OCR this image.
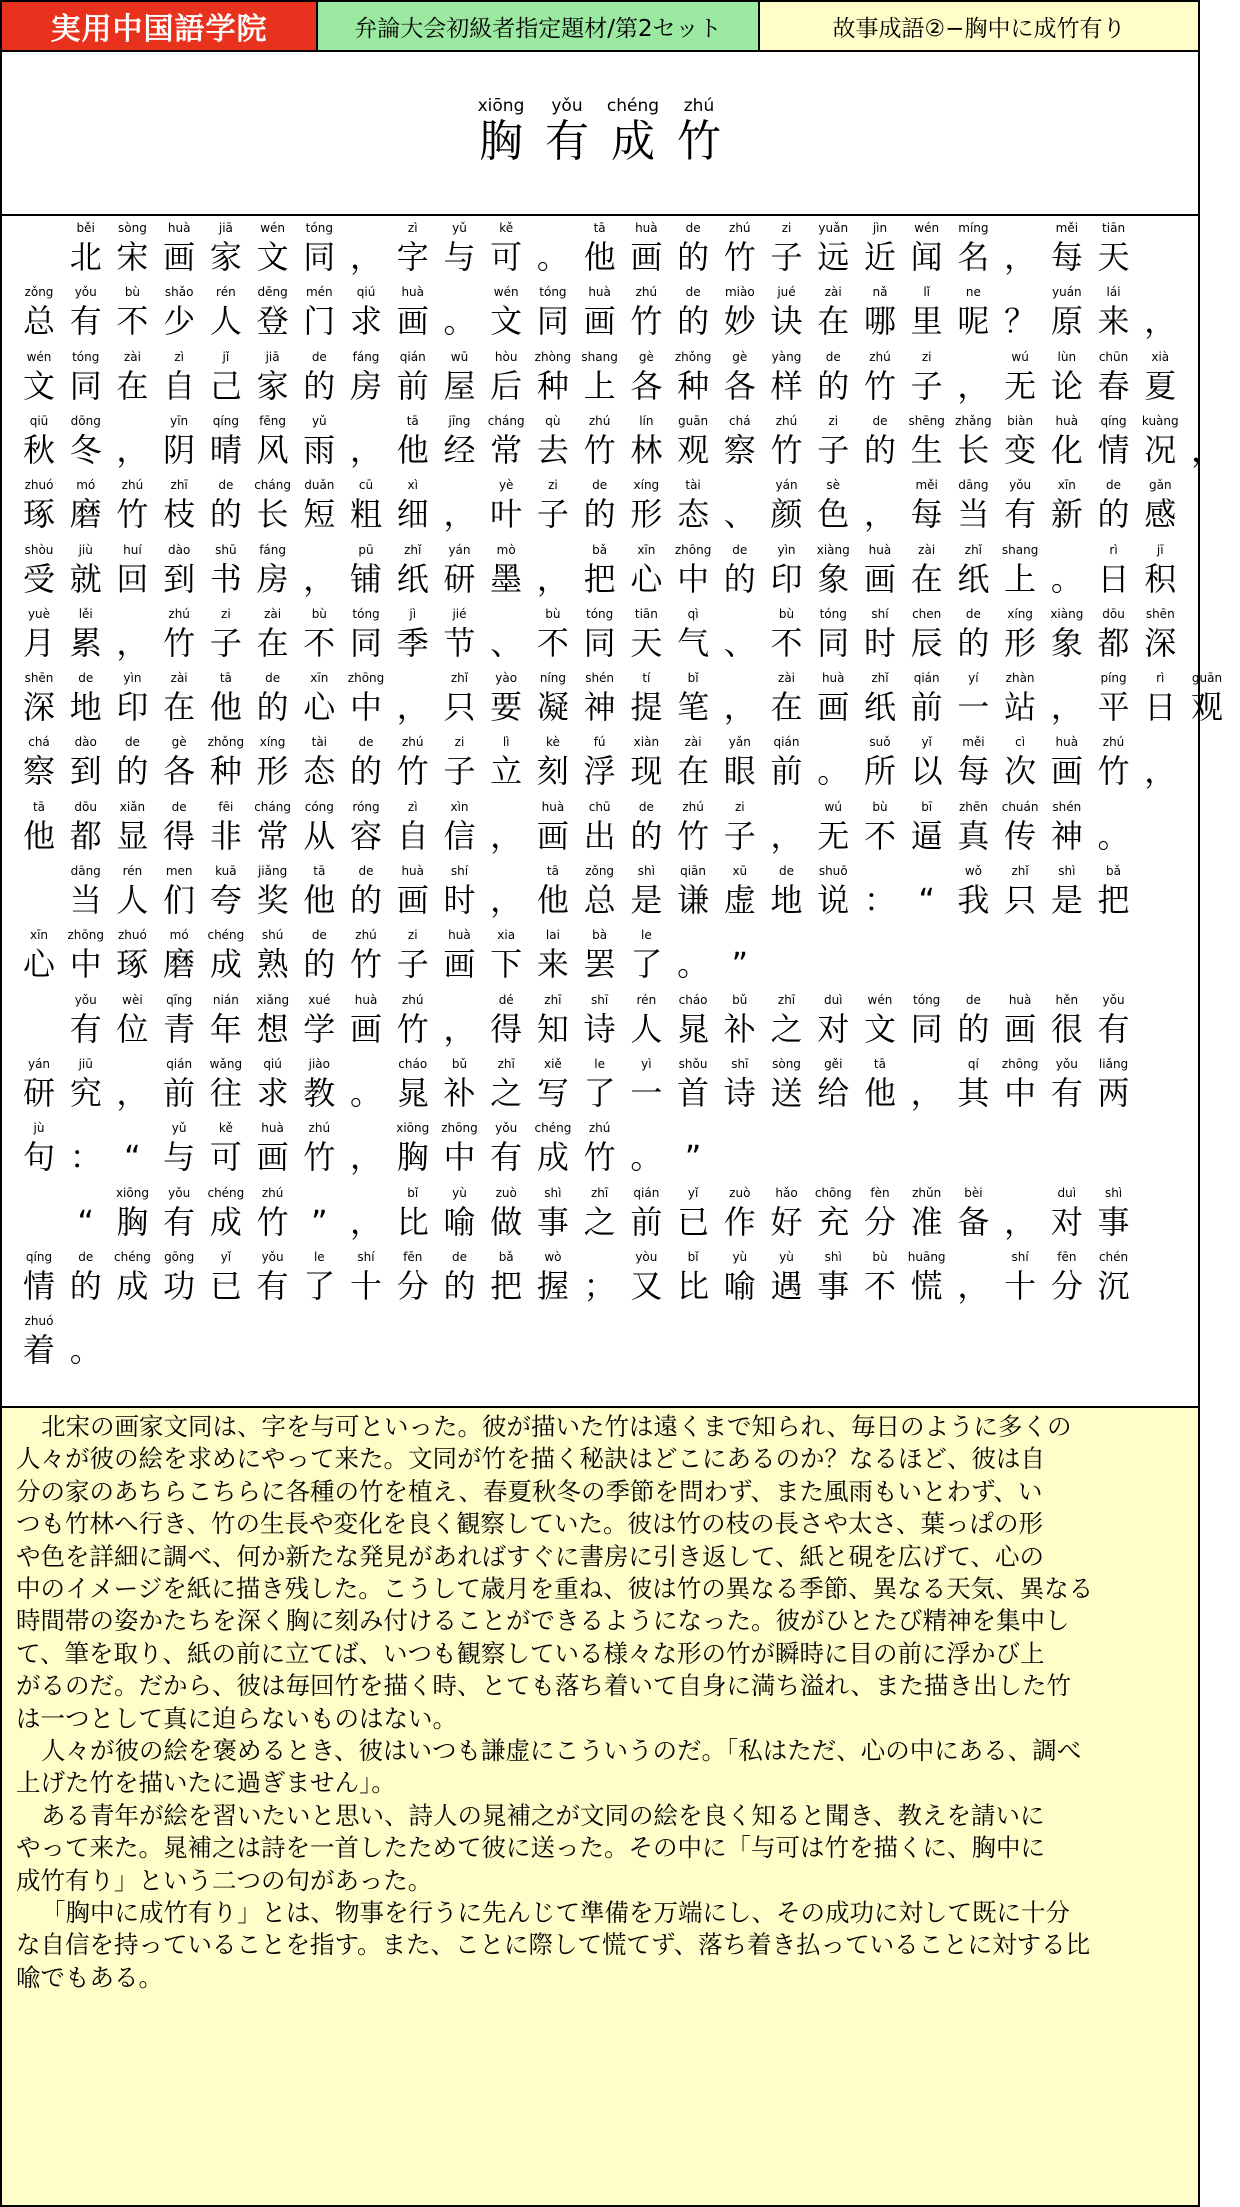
実用中国語学院	弁論大会初級者指定題材/第2セット	故事成語②−胸中に成竹有り
xiōng
胸
yǒu
有
chéng
成
zhú
竹
běi
北
sòng
宋
huà
画
jiā
家
wén
文
tóng
同 ，
zì
字
yǔ
与
kě
可 。
tā
他
huà
画
de
的
zhú
竹
zi
子
yuǎn
远
jìn
近
wén
闻
míng
名 ，
měi
每
tiān
天
zǒng
总
yǒu
有
bù
不
shǎo
少
rén
人
dēng
登
mén
门
qiú
求
huà
画 。
wén
文
tóng
同
huà
画
zhú
竹
de
的
miào
妙
jué
诀
zài
在
nǎ
哪
lǐ
里
ne
呢 ？
yuán
原
lái
来 ，
wén
文
tóng
同
zài
在
zì
自
jǐ
己
jiā
家
de
的
fáng
房
qián
前
wū
屋
hòu
后
zhòng
种
shang
上
gè
各
zhǒng
种
gè
各
yàng
样
de
的
zhú
竹
zi
子 ，
wú
无
lùn
论
chūn
春
xià
夏
qiū
秋
dōng
冬 ，
yīn
阴
qíng
晴
fēng
风
yǔ
雨 ，
tā
他
jīng
经
cháng
常
qù
去
zhú
竹
lín
林
guān
观
chá
察
zhú
竹
zi
子
de
的
shēng
生
zhǎng
长
biàn
变
huà
化
qíng
情
kuàng
况 ，
zhuó
琢
mó
磨
zhú
竹
zhī
枝
de
的
cháng
长
duǎn
短
cū
粗
xì
细 ，
yè
叶
zi
子
de
的
xíng
形
tài
态 、
yán
颜
sè
色 ，
měi
每
dāng
当
yǒu
有
xīn
新
de
的
gǎn
感
shòu
受
jiù
就
huí
回
dào
到
shū
书
fáng
房 ，
pū
铺
zhǐ
纸
yán
研
mò
墨 ，
bǎ
把
xīn
心
zhōng
中
de
的
yìn
印
xiàng
象
huà
画
zài
在
zhǐ
纸
shang
上 。
rì
日
jī
积
yuè
月
lěi
累 ，
zhú
竹
zi
子
zài
在
bù
不
tóng
同
jì
季
jié
节 、
bù
不
tóng
同
tiān
天
qì
气 、
bù
不
tóng
同
shí
时
chen
辰
de
的
xíng
形
xiàng
象
dōu
都
shēn
深
shēn
深
de
地
yìn
印
zài
在
tā
他
de
的
xīn
心
zhōng
中 ，
zhǐ
只
yào
要
níng
凝
shén
神
tí
提
bǐ
笔 ，
zài
在
huà
画
zhǐ
纸
qián
前
yí
一
zhàn
站 ，
píng
平
rì
日
guān
观
chá
察
dào
到
de
的
gè
各
zhǒng
种
xíng
形
tài
态
de
的
zhú
竹
zi
子
lì
立
kè
刻
fú
浮
xiàn
现
zài
在
yǎn
眼
qián
前 。
suǒ
所
yǐ
以
měi
每
cì
次
huà
画
zhú
竹 ，
tā
他
dōu
都
xiǎn
显
de
得
fēi
非
cháng
常
cóng
从
róng
容
zì
自
xìn
信 ，
huà
画
chū
出
de
的
zhú
竹
zi
子 ，
wú
无
bù
不
bī
逼
zhēn
真
chuán
传
shén
神 。
dāng
当
rén
人
men
们
kuā
夸
jiǎng
奖
tā
他
de
的
huà
画
shí
时 ，
tā
他
zǒng
总
shì
是
qiān
谦
xū
虚
de
地
shuō
说 ： “
wǒ
我
zhǐ
只
shì
是
bǎ
把
xīn
心
zhōng
中
zhuó
琢
mó
磨
chéng
成
shú
熟
de
的
zhú
竹
zi
子
huà
画
xia
下
lai
来
bà
罢
le
了 。 ”
yǒu
有
wèi
位
qīng
青
nián
年
xiǎng
想
xué
学
huà
画
zhú
竹 ，
dé
得
zhī
知
shī
诗
rén
人
cháo
晁
bǔ
补
zhī
之
duì
对
wén
文
tóng
同
de
的
huà
画
hěn
很
yǒu
有
yán
研
jiū
究 ，
qián
前
wǎng
往
qiú
求
jiào
教 。
cháo
晁
bǔ
补
zhī
之
xiě
写
le
了
yì
一
shǒu
首
shī
诗
sòng
送
gěi
给
tā
他 ，
qí
其
zhōng
中
yǒu
有
liǎng
两
jù
句 ： “
yǔ
与
kě
可
huà
画
zhú
竹 ，
xiōng
胸
zhōng
中
yǒu
有
chéng
成
zhú
竹 。 ”
“
xiōng
胸
yǒu
有
chéng
成
zhú
竹 ” ，
bǐ
比
yù
喻
zuò
做
shì
事
zhī
之
qián
前
yǐ
已
zuò
作
hǎo
好
chōng
充
fèn
分
zhǔn
准
bèi
备 ，
duì
对
shì
事
qíng
情
de
的
chéng
成
gōng
功
yǐ
已
yǒu
有
le
了
shí
十
fēn
分
de
的
bǎ
把
wò
握 ；
yòu
又
bǐ
比
yù
喻
yù
遇
shì
事
bù
不
huāng
慌 ，
shí
十
fēn
分
chén
沉
zhuó
着 。
北宋の画家文同は、字を与可といった。彼が描いた竹は遠くまで知られ、毎日のように多くの
人々が彼の絵を求めにやって来た。文同が竹を描く秘訣はどこにあるのか？なるほど、彼は自
分の家のあちらこちらに各種の竹を植え、春夏秋冬の季節を問わず、また風雨もいとわず、い
つも竹林へ行き、竹の生長や変化を良く観察していた。彼は竹の枝の長さや太さ、葉っぱの形
や色を詳細に調べ、何か新たな発見があればすぐに書房に引き返して、紙と硯を広げて、心の
中のイメージを紙に描き残した。こうして歳月を重ね、彼は竹の異なる季節、異なる天気、異なる
時間帯の姿かたちを深く胸に刻み付けることができるようになった。彼がひとたび精神を集中し
て、筆を取り、紙の前に立てば、いつも観察している様々な形の竹が瞬時に目の前に浮かび上
がるのだ。だから、彼は毎回竹を描く時、とても落ち着いて自身に満ち溢れ、また描き出した竹
は一つとして真に迫らないものはない。
人々が彼の絵を褒めるとき、彼はいつも謙虚にこういうのだ。「私はただ、心の中にある、調べ
上げた竹を描いたに過ぎません」。
ある青年が絵を習いたいと思い、詩人の晁補之が文同の絵を良く知ると聞き、教えを請いに
やって来た。晁補之は詩を一首したためて彼に送った。その中に「与可は竹を描くに、胸中に
成竹有り」という二つの句があった。
「胸中に成竹有り」とは、物事を行うに先んじて準備を万端にし、その成功に対して既に十分
な自信を持っていることを指す。また、ことに際して慌てず、落ち着き払っていることに対する比
喩でもある。
